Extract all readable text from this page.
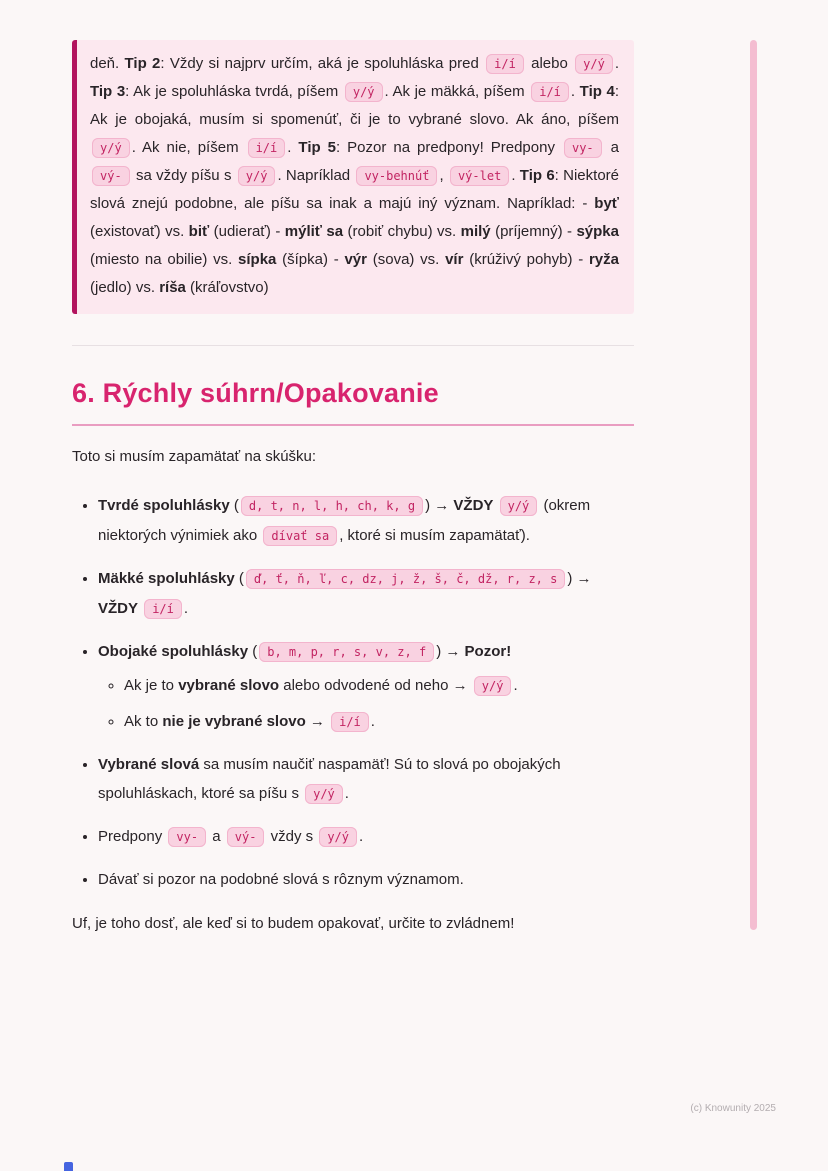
deň. Tip 2: Vždy si najprv určím, aká je spoluhláska pred i/í alebo y/ý . Tip 3: Ak je spoluhláska tvrdá, píšem y/ý . Ak je mäkká, píšem i/í . Tip 4: Ak je obojaká, musím si spomenúť, či je to vybrané slovo. Ak áno, píšem y/ý . Ak nie, píšem i/í . Tip 5: Pozor na predpony! Predpony vy- a vý- sa vždy píšu s y/ý . Napríklad vy-behnúť , vý-let . Tip 6: Niektoré slová znejú podobne, ale píšu sa inak a majú iný význam. Napríklad: - byť (existovať) vs. biť (udierať) - mýliť sa (robiť chybu) vs. milý (príjemný) - sýpka (miesto na obilie) vs. sípka (šípka) - výr (sova) vs. vír (krúživý pohyb) - ryža (jedlo) vs. ríša (kráľovstvo)

6. Rýchly súhrn/Opakovanie

Toto si musím zapamätať na skúšku:

• Tvrdé spoluhlásky ( d, t, n, l, h, ch, k, g ) → VŽDY y/ý (okrem niektorých výnimiek ako dívať sa , ktoré si musím zapamätať).
• Mäkké spoluhlásky ( ď, ť, ň, ľ, c, dz, j, ž, š, č, dž, r, z, s ) → VŽDY i/í .
• Obojaké spoluhlásky ( b, m, p, r, s, v, z, f ) → Pozor!
◦ Ak je to vybrané slovo alebo odvodené od neho → y/ý .
◦ Ak to nie je vybrané slovo → i/í .
• Vybrané slová sa musím naučiť naspamäť! Sú to slová po obojakých spoluhláskach, ktoré sa píšu s y/ý .
• Predpony vy- a vý- vždy s y/ý .
• Dávať si pozor na podobné slová s rôznym významom.

Uf, je toho dosť, ale keď si to budem opakovať, určite to zvládnem!

(c) Knowunity 2025
